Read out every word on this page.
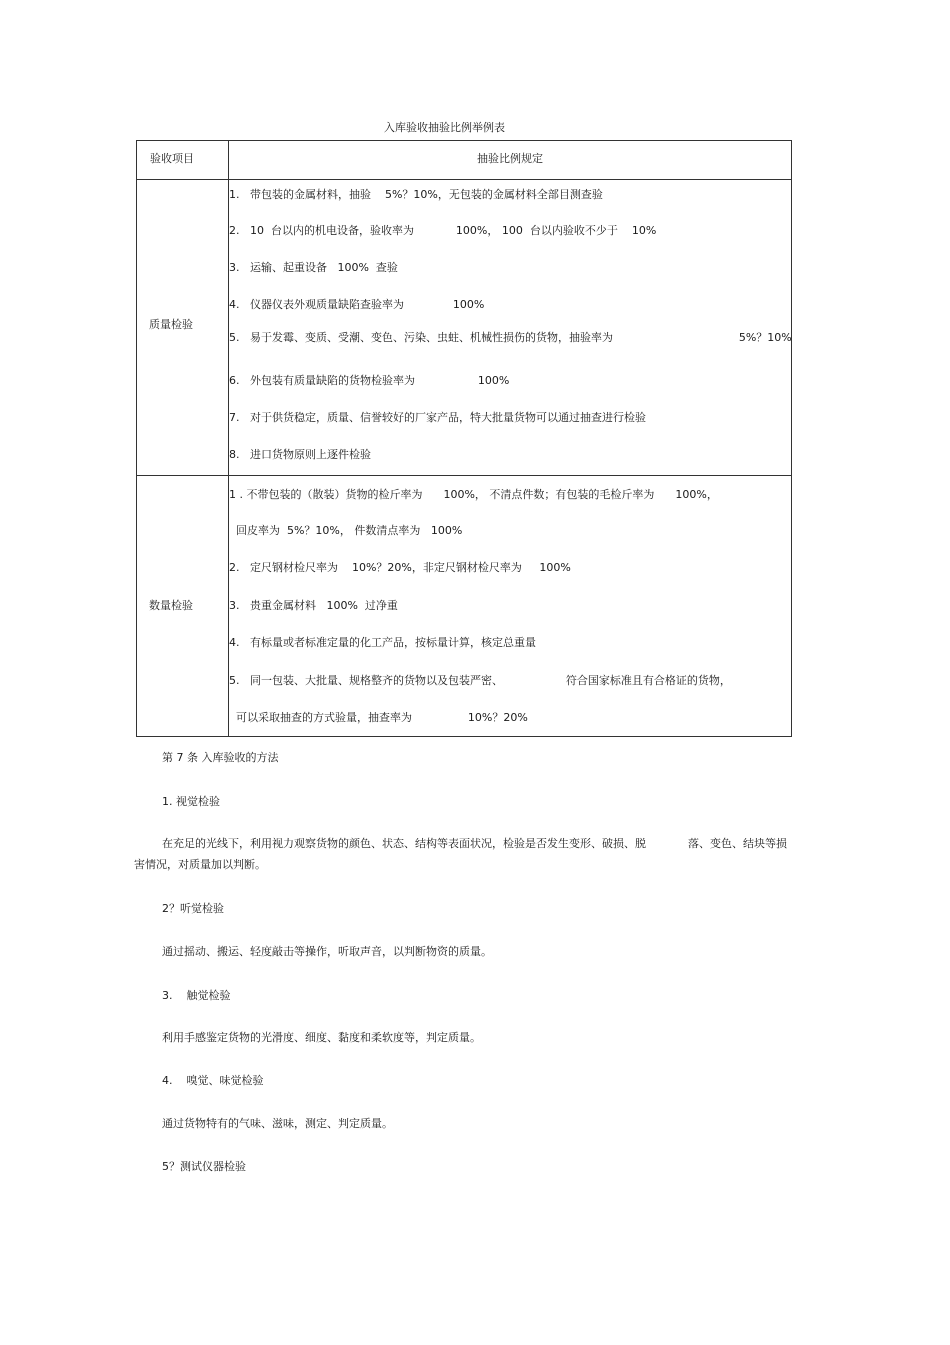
入库验收抽验比例举例表
验收项目	抽验比例规定
质量检验
1.   带包装的金属材料，抽验    5%？10%，无包装的金属材料全部目测查验
2.   10  台以内的机电设备，验收率为            100%， 100  台以内验收不少于    10%
3.   运输、起重设备   100%  查验
4.   仪器仪表外观质量缺陷查验率为              100%
5.   易于发霉、变质、受潮、变色、污染、虫蛀、机械性损伤的货物，抽验率为                                    5%？10%
6.   外包装有质量缺陷的货物检验率为                  100%
7.   对于供货稳定，质量、信誉较好的厂家产品，特大批量货物可以通过抽查进行检验
8.   进口货物原则上逐件检验
数量检验
1 . 不带包装的（散装）货物的检斤率为      100%， 不清点件数；有包装的毛检斤率为      100%，
回皮率为  5%？10%， 件数清点率为   100%
2.   定尺钢材检尺率为    10%？20%，非定尺钢材检尺率为     100%
3.   贵重金属材料   100%  过净重
4.   有标量或者标准定量的化工产品，按标量计算，核定总重量
5.   同一包装、大批量、规格整齐的货物以及包装严密、                  符合国家标准且有合格证的货物，
可以采取抽查的方式验量，抽查率为                10%？20%
第 7 条 入库验收的方法
1. 视觉检验
在充足的光线下，利用视力观察货物的颜色、状态、结构等表面状况，检验是否发生变形、破损、脱            落、变色、结块等损
害情况，对质量加以判断。
2？听觉检验
通过摇动、搬运、轻度敲击等操作，听取声音，以判断物资的质量。
3.    触觉检验
利用手感鉴定货物的光滑度、细度、黏度和柔软度等，判定质量。
4.    嗅觉、味觉检验
通过货物特有的气味、滋味，测定、判定质量。
5？测试仪器检验
